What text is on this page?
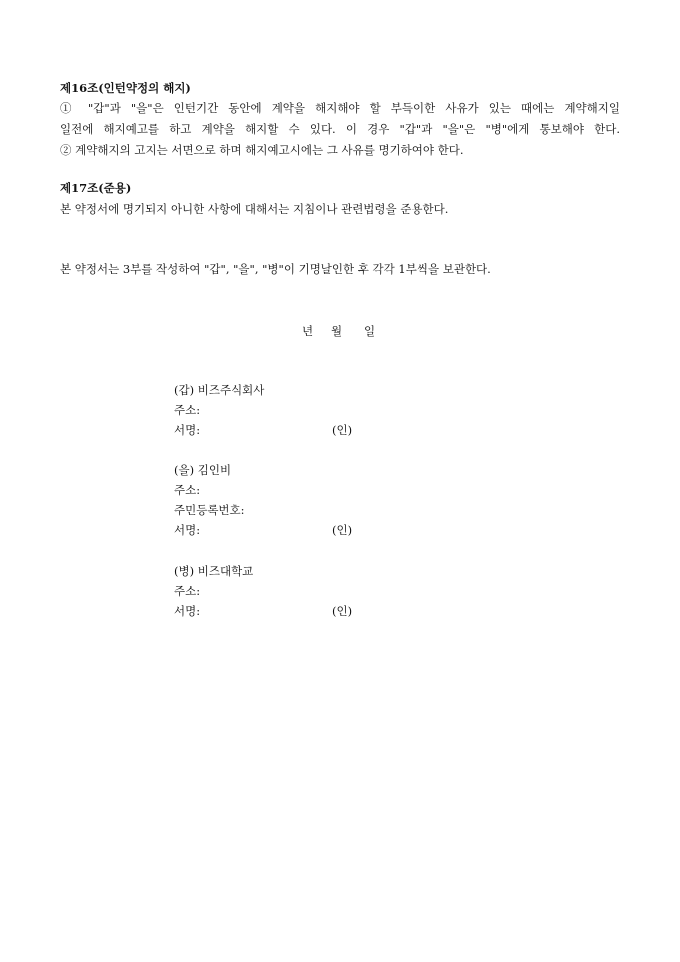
제16조(인턴약정의 해지)
① "갑"과 "을"은 인턴기간 동안에 계약을 해지해야 할 부득이한 사유가 있는 때에는 계약해지일
일전에 해지예고를 하고 계약을 해지할 수 있다. 이 경우 "갑"과 "을"은 "병"에게 통보해야 한다.
② 계약해지의 고지는 서면으로 하며 해지예고시에는 그 사유를 명기하여야 한다.
제17조(준용)
본 약정서에 명기되지 아니한 사항에 대해서는 지침이나 관련법령을 준용한다.
본 약정서는 3부를 작성하여 "갑", "을", "병"이 기명날인한 후 각각 1부씩을 보관한다.
년 월 일
(갑) 비즈주식회사
주소:
서명:	(인)
(을) 김인비
주소:
주민등록번호:
서명:	(인)
(병) 비즈대학교
주소:
서명:	(인)
